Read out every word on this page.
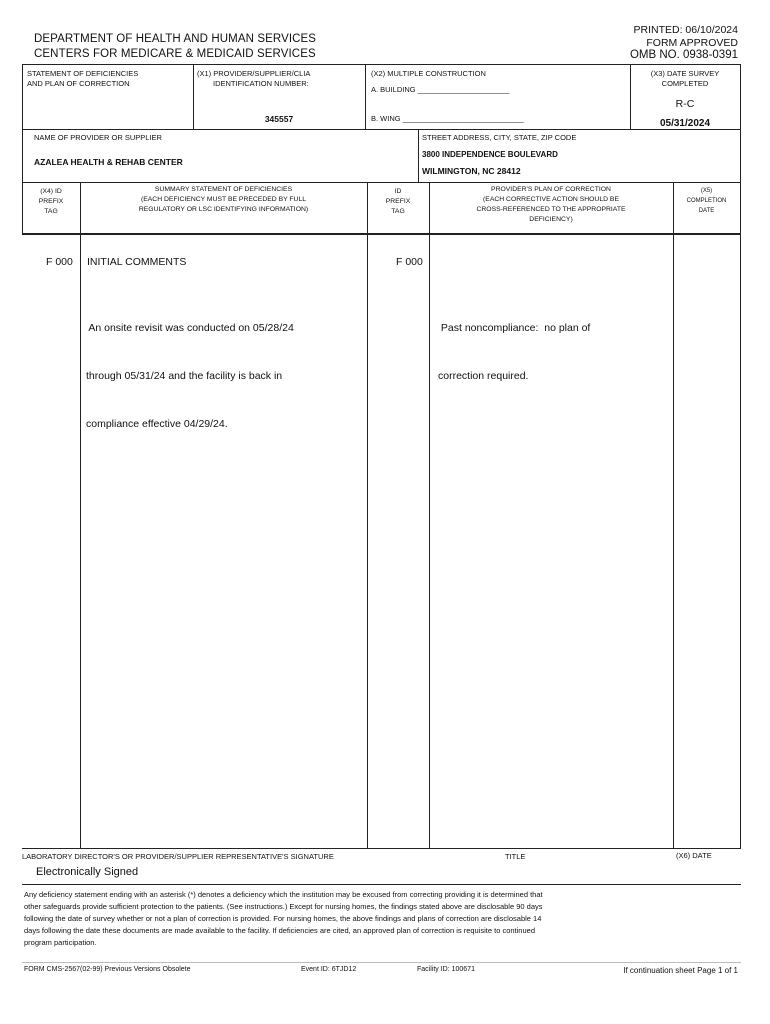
DEPARTMENT OF HEALTH AND HUMAN SERVICES
CENTERS FOR MEDICARE & MEDICAID SERVICES
PRINTED: 06/10/2024
FORM APPROVED
OMB NO. 0938-0391
STATEMENT OF DEFICIENCIES
AND PLAN OF CORRECTION
(X1) PROVIDER/SUPPLIER/CLIA
IDENTIFICATION NUMBER:
345557
(X2) MULTIPLE CONSTRUCTION
A. BUILDING ______________________
B. WING _____________________________
(X3) DATE SURVEY
COMPLETED
R-C
05/31/2024
NAME OF PROVIDER OR SUPPLIER
AZALEA HEALTH & REHAB CENTER
STREET ADDRESS, CITY, STATE, ZIP CODE
3800 INDEPENDENCE BOULEVARD
WILMINGTON, NC 28412
(X4) ID
PREFIX
TAG
SUMMARY STATEMENT OF DEFICIENCIES
(EACH DEFICIENCY MUST BE PRECEDED BY FULL
REGULATORY OR LSC IDENTIFYING INFORMATION)
ID
PREFIX
TAG
PROVIDER'S PLAN OF CORRECTION
(EACH CORRECTIVE ACTION SHOULD BE
CROSS-REFERENCED TO THE APPROPRIATE
DEFICIENCY)
(X5)
COMPLETION
DATE
F 000 INITIAL COMMENTS

An onsite revisit was conducted on 05/28/24

through 05/31/24 and the facility is back in

compliance effective 04/29/24.

F 000

Past noncompliance:  no plan of

correction required.

LABORATORY DIRECTOR'S OR PROVIDER/SUPPLIER REPRESENTATIVE'S SIGNATURE	TITLE	(X6) DATE
Electronically Signed
Any deficiency statement ending with an asterisk (*) denotes a deficiency which the institution may be excused from correcting providing it is determined that
other safeguards provide sufficient protection to the patients. (See instructions.) Except for nursing homes, the findings stated above are disclosable 90 days
following the date of survey whether or not a plan of correction is provided. For nursing homes, the above findings and plans of correction are disclosable 14
days following the date these documents are made available to the facility. If deficiencies are cited, an approved plan of correction is requisite to continued
program participation.
FORM CMS-2567(02-99) Previous Versions Obsolete	Event ID: 6TJD12	Facility ID: 100671	If continuation sheet Page 1 of 1
